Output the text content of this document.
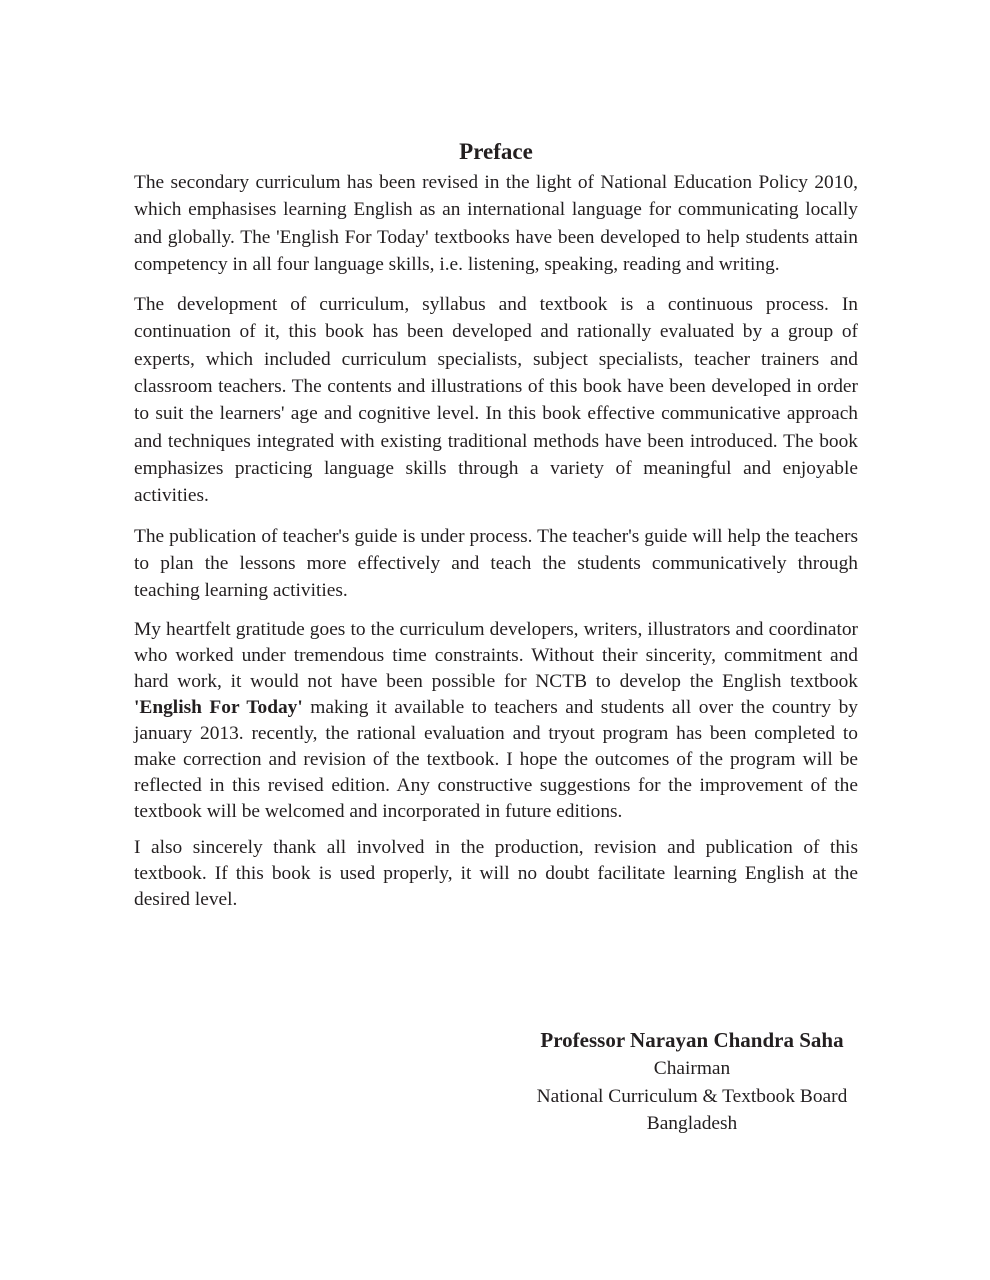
Preface

The secondary curriculum has been revised in the light of National Education Policy 2010, which emphasises learning English as an international language for communicating locally and globally. The 'English For Today' textbooks have been developed to help students attain competency in all four language skills, i.e. listening, speaking, reading and writing.

The development of curriculum, syllabus and textbook is a continuous process. In continuation of it, this book has been developed and rationally evaluated by a group of experts, which included curriculum specialists, subject specialists, teacher trainers and classroom teachers. The contents and illustrations of this book have been developed in order to suit the learners' age and cognitive level. In this book effective communicative approach and techniques integrated with existing traditional methods have been introduced. The book emphasizes practicing language skills through a variety of meaningful and enjoyable activities.

The publication of teacher's guide is under process. The teacher's guide will help the teachers to plan the lessons more effectively and teach the students communicatively through teaching learning activities.

My heartfelt gratitude goes to the curriculum developers, writers, illustrators and coordinator who worked under tremendous time constraints. Without their sincerity, commitment and hard work, it would not have been possible for NCTB to develop the English textbook 'English For Today' making it available to teachers and students all over the country by january 2013. recently, the rational evaluation and tryout program has been completed to make correction and revision of the textbook. I hope the outcomes of the program will be reflected in this revised edition. Any constructive suggestions for the improvement of the textbook will be welcomed and incorporated in future editions.

I also sincerely thank all involved in the production, revision and publication of this textbook. If this book is used properly, it will no doubt facilitate learning English at the desired level.

Professor Narayan Chandra Saha
Chairman
National Curriculum & Textbook Board
Bangladesh
